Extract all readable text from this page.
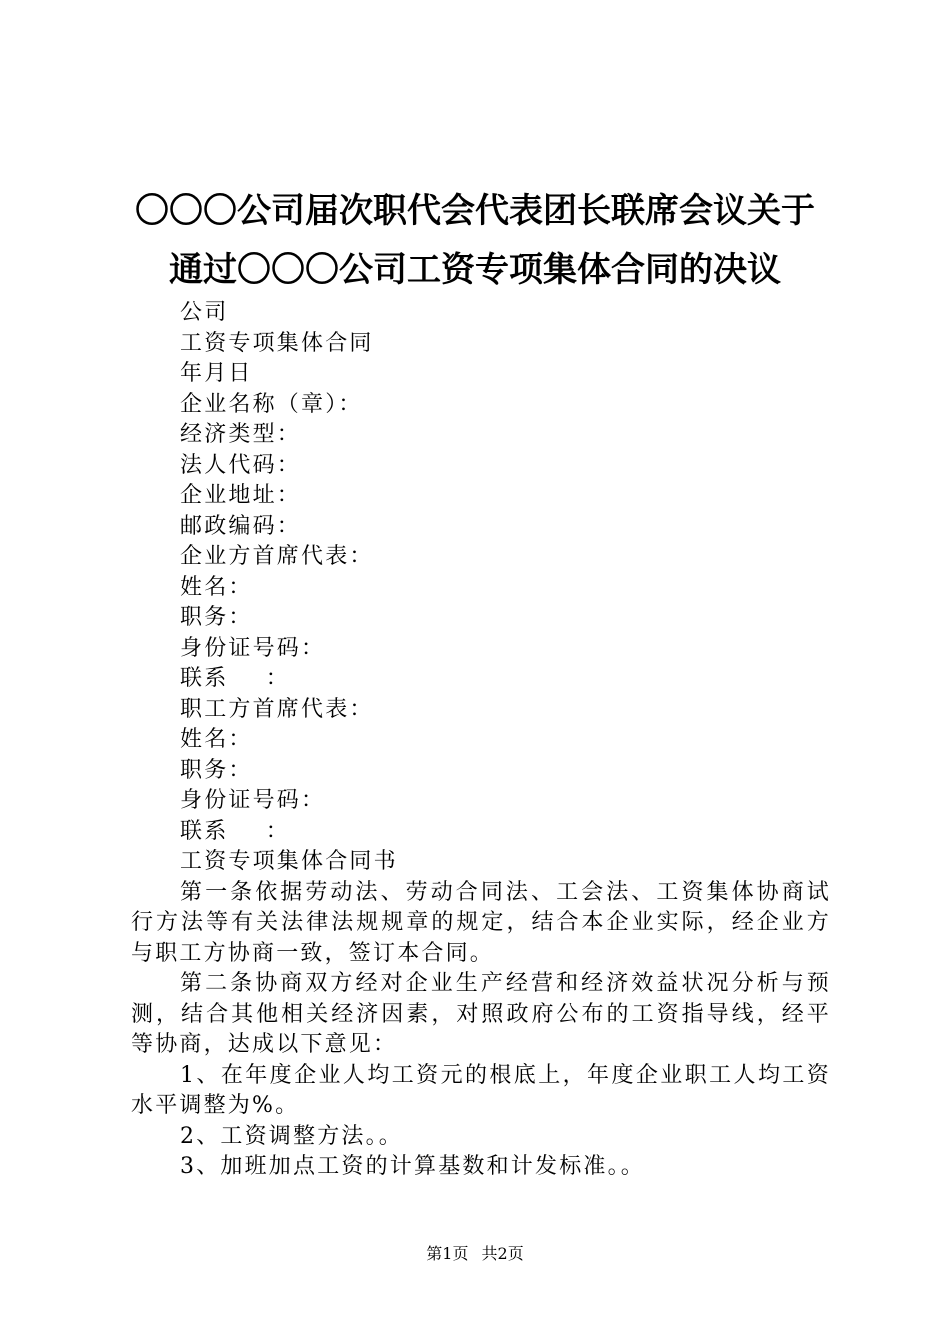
〇〇〇公司届次职代会代表团长联席会议关于
通过〇〇〇公司工资专项集体合同的决议
公司
工资专项集体合同
年月日
企业名称（章）：
经济类型：
法人代码：
企业地址：
邮政编码：
企业方首席代表：
姓名：
职务：
身份证号码：
联系　 ：
职工方首席代表：
姓名：
职务：
身份证号码：
联系　 ：
工资专项集体合同书
第一条依据劳动法、劳动合同法、工会法、工资集体协商试行方法等有关法律法规规章的规定，结合本企业实际，经企业方与职工方协商一致，签订本合同。
第二条协商双方经对企业生产经营和经济效益状况分析与预测，结合其他相关经济因素，对照政府公布的工资指导线，经平等协商，达成以下意见：
1、在年度企业人均工资元的根底上，年度企业职工人均工资水平调整为%。
2、工资调整方法。。
3、加班加点工资的计算基数和计发标准。。
第1页 共2页
